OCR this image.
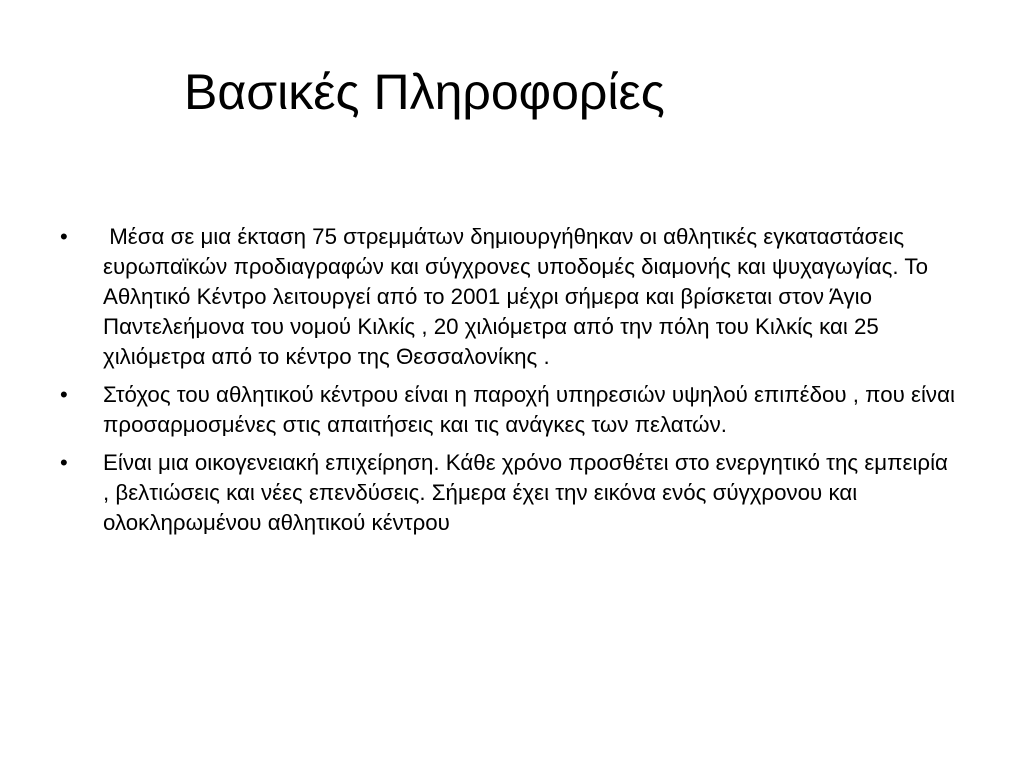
Βασικές Πληροφορίες
•	Μέσα σε μια έκταση 75 στρεμμάτων δημιουργήθηκαν οι αθλητικές εγκαταστάσεις ευρωπαϊκών προδιαγραφών και σύγχρονες υποδομές διαμονής και ψυχαγωγίας. Το Αθλητικό Κέντρο λειτουργεί από το 2001 μέχρι σήμερα και βρίσκεται στον Άγιο Παντελεήμονα του νομού Κιλκίς , 20 χιλιόμετρα από την πόλη του Κιλκίς και 25 χιλιόμετρα από το κέντρο της Θεσσαλονίκης .
•	Στόχος του αθλητικού κέντρου είναι η παροχή υπηρεσιών υψηλού επιπέδου , που είναι προσαρμοσμένες στις απαιτήσεις και τις ανάγκες των πελατών.
•	Είναι μια οικογενειακή επιχείρηση. Κάθε χρόνο προσθέτει στο ενεργητικό της εμπειρία , βελτιώσεις και νέες επενδύσεις. Σήμερα έχει την εικόνα ενός σύγχρονου και ολοκληρωμένου αθλητικού κέντρου
